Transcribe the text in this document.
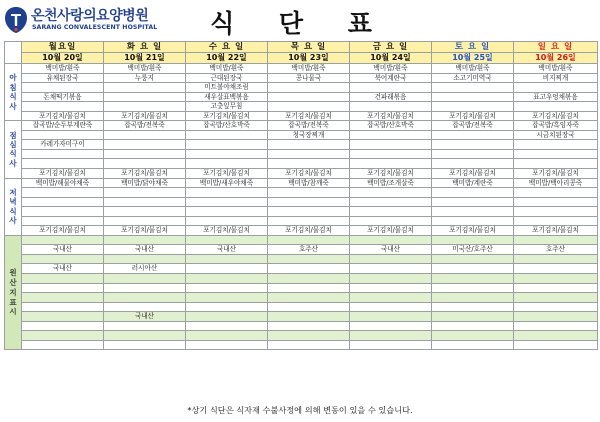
온천사랑의요양병원
SARANG CONVALESCENT HOSPITAL	식 단 표
	월요일	화 요 일	수 요 일	목 요 일	금 요 일	토 요 일	일 요 일
	10월 20일	10월 21일	10월 22일	10월 23일	10월 24일	10월 25일	10월 26일

아
침
식
사	백미밥/흰죽	백미밥/흰죽	백미밥/흰죽	백미밥/흰죽	백미밥/흰죽	백미밥/흰죽	백미밥/흰죽
	유채된장국	누룽지	근대된장국	콩나물국	북어계란국	소고기미역국	비지찌개
			미트볼야채조림				
	돈채떡기볶음		새우살표백볶음		건파래볶음		표고우엉채볶음
			고춧잎무침				
	포기김치/물김치	포기김치/물김치	포기김치/물김치	포기김치/물김치	포기김치/물김치	포기김치/물김치	포기김치/물김치

점
심
식
사	잡곡밥/순두부계란죽	잡곡밥/전복죽	잡곡밥/산호박죽	잡곡밥/전복죽	잡곡밥/산호박죽	잡곡밥/전복죽	잡곡밥/흑임자죽
				청국장찌개			시금치된장국
	카레가자미구이						

	포기김치/물김치	포기김치/물김치	포기김치/물김치	포기김치/물김치	포기김치/물김치	포기김치/물김치	포기김치/물김치

저
녁
식
사	백미밥/해물야채죽	백미밥/닭야채죽	백미밥/새우야채죽	백미밥/참깨죽	백미밥/조개살죽	백미밥/계란죽	백미밥/백아리콩죽

	포기김치/물김치	포기김치/물김치	포기김치/물김치	포기김치/물김치	포기김치/물김치	포기김치/물김치	포기김치/물김치

원
산
지
표
시							

	국내산	국내산	국내산	호주산	국내산	미국산/호주산	호주산

	국내산	러시아산					

		국내산					

*상기 식단은 식자재 수불사정에 의해 변동이 있을 수 있습니다.
